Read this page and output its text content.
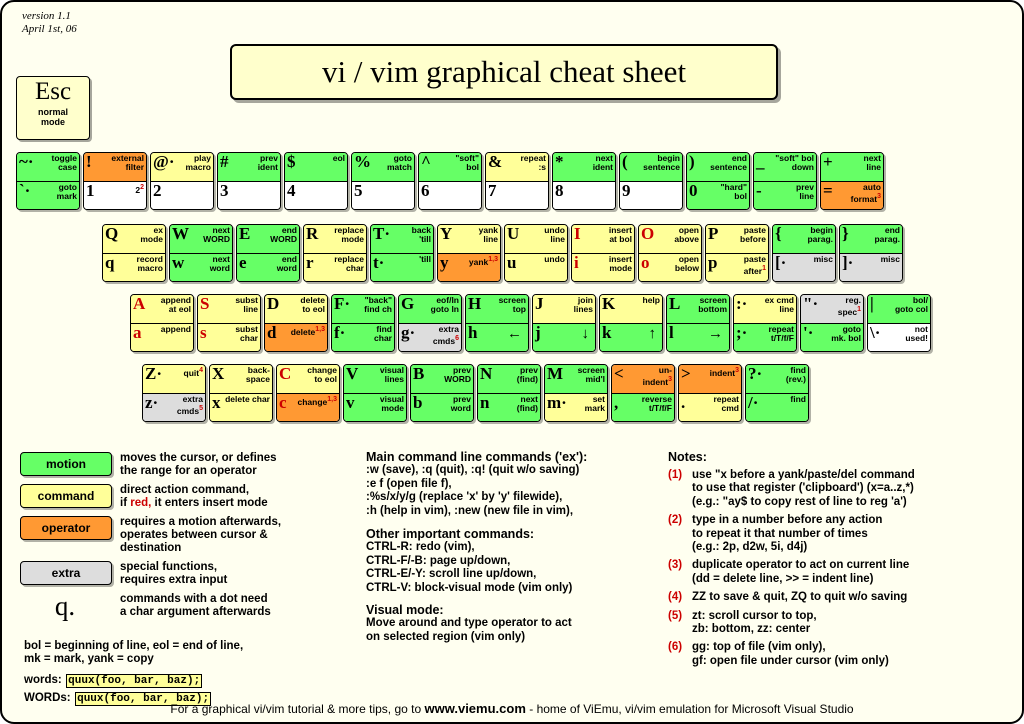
version 1.1
April 1st, 06
vi / vim graphical cheat sheet
Esc
normal
mode
~· toggle
case
`·	goto
mark
! external
filter
1	$2^2$
@·	play
macro
2
#	prev
ident
3
$	eol
4
%	goto
match
5
^	"soft"
bol
6
& repeat
:s
7
*	next
ident
8
(	begin
sentence
9
)	end
sentence
0	"hard"
bol
_ "soft" bol
down
-	prev
line
+	next
line
=	auto
format$^3$
Q	ex
mode
q	record
macro
W	next
WORD
w	next
word
E	end
WORD
e	end
word
R replace
mode
r replace
char
T·	back
'till
t·	'till
Y	yank
line
y yank$^{1,3}$
U	undo
line
u	undo
I	insert
at bol
i	insert
mode
O	open
above
o	open
below
P	paste
before
p	paste
after$^1$
{	begin
parag.
[·	misc
}	end
parag.
]·	misc
A append
at eol
a append
S	subst
line
s	subst
char
D delete
to eol
d delete$^{1,3}$
F· "back"
find ch
f·	find
char
G	eof/ln
goto ln
g·	extra
cmds$^6$
H screen
top
h ←
J	join
lines
j	↓
K	help
k ↑
L screen
bottom
l →
:· ex cmd
line
;· repeat
t/T/f/F
"·	reg.
spec$^1$
'·	goto
mk. bol
|	bol/
goto col
\·	not
used!
Z·	quit$^4$
z·	extra
cmds$^5$
X	back-
space
x delete char
C change
to eol
c change$^{1,3}$
V	visual
lines
v	visual
mode
B	prev
WORD
b	prev
word
N	prev
(find)
n	next
(find)
M screen
mid'l
m·	set
mark
<	un-
indent$^3$
,	reverse
t/T/f/F
> indent$^3$
.	repeat
cmd
?·	find
(rev.)
/·	find
motion	moves the cursor, or defines
the range for an operator
command	direct action command,
if red, it enters insert mode
operator	requires a motion afterwards,
operates between cursor &
destination
extra	special functions,
requires extra input
q.	commands with a dot need
a char argument afterwards
bol = beginning of line, eol = end of line,
mk = mark, yank = copy
words: quux(foo, bar, baz);
WORDs: quux(foo, bar, baz);
Main command line commands ('ex'):
:w (save), :q (quit), :q! (quit w/o saving)
:e f (open file f),
:%s/x/y/g (replace 'x' by 'y' filewide),
:h (help in vim), :new (new file in vim),
Other important commands:
CTRL-R: redo (vim),
CTRL-F/-B: page up/down,
CTRL-E/-Y: scroll line up/down,
CTRL-V: block-visual mode (vim only)
Visual mode:
Move around and type operator to act
on selected region (vim only)
Notes:
(1) use "x before a yank/paste/del command
to use that register ('clipboard') (x=a..z,*)
(e.g.: "ay$ to copy rest of line to reg 'a')
(2) type in a number before any action
to repeat it that number of times
(e.g.: 2p, d2w, 5i, d4j)
(3) duplicate operator to act on current line
(dd = delete line, >> = indent line)
(4) ZZ to save & quit, ZQ to quit w/o saving
(5) zt: scroll cursor to top,
zb: bottom, zz: center
(6) gg: top of file (vim only),
gf: open file under cursor (vim only)
For a graphical vi/vim tutorial & more tips, go to www.viemu.com - home of ViEmu, vi/vim emulation for Microsoft Visual Studio
